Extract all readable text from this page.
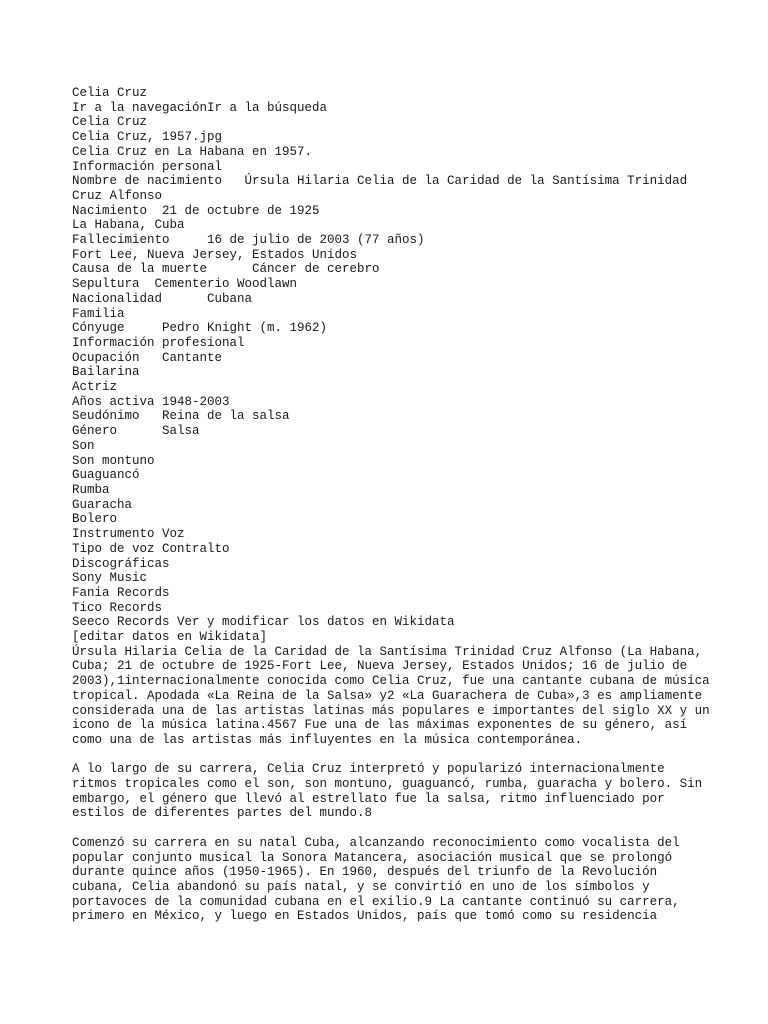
Celia Cruz
Ir a la navegaciónIr a la búsqueda
Celia Cruz
Celia Cruz, 1957.jpg
Celia Cruz en La Habana en 1957.
Información personal
Nombre de nacimiento   Úrsula Hilaria Celia de la Caridad de la Santísima Trinidad
Cruz Alfonso
Nacimiento  21 de octubre de 1925
La Habana, Cuba
Fallecimiento     16 de julio de 2003 (77 años)
Fort Lee, Nueva Jersey, Estados Unidos
Causa de la muerte      Cáncer de cerebro
Sepultura  Cementerio Woodlawn
Nacionalidad      Cubana
Familia
Cónyuge     Pedro Knight (m. 1962)
Información profesional
Ocupación   Cantante
Bailarina
Actriz
Años activa 1948-2003
Seudónimo   Reina de la salsa
Género      Salsa
Son
Son montuno
Guaguancó
Rumba
Guaracha
Bolero
Instrumento Voz
Tipo de voz Contralto
Discográficas
Sony Music
Fania Records
Tico Records
Seeco Records Ver y modificar los datos en Wikidata
[editar datos en Wikidata]
Úrsula Hilaria Celia de la Caridad de la Santísima Trinidad Cruz Alfonso (La Habana, Cuba; 21 de octubre de 1925-Fort Lee, Nueva Jersey, Estados Unidos; 16 de julio de 2003),1internacionalmente conocida como Celia Cruz, fue una cantante cubana de música tropical. Apodada «La Reina de la Salsa» y2 «La Guarachera de Cuba»,3 es ampliamente considerada una de las artistas latinas más populares e importantes del siglo XX y un icono de la música latina.4567 Fue una de las máximas exponentes de su género, así como una de las artistas más influyentes en la música contemporánea.
A lo largo de su carrera, Celia Cruz interpretó y popularizó internacionalmente ritmos tropicales como el son, son montuno, guaguancó, rumba, guaracha y bolero. Sin embargo, el género que llevó al estrellato fue la salsa, ritmo influenciado por estilos de diferentes partes del mundo.8
Comenzó su carrera en su natal Cuba, alcanzando reconocimiento como vocalista del popular conjunto musical la Sonora Matancera, asociación musical que se prolongó durante quince años (1950-1965). En 1960, después del triunfo de la Revolución cubana, Celia abandonó su país natal, y se convirtió en uno de los símbolos y portavoces de la comunidad cubana en el exilio.9 La cantante continuó su carrera, primero en México, y luego en Estados Unidos, país que tomó como su residencia
